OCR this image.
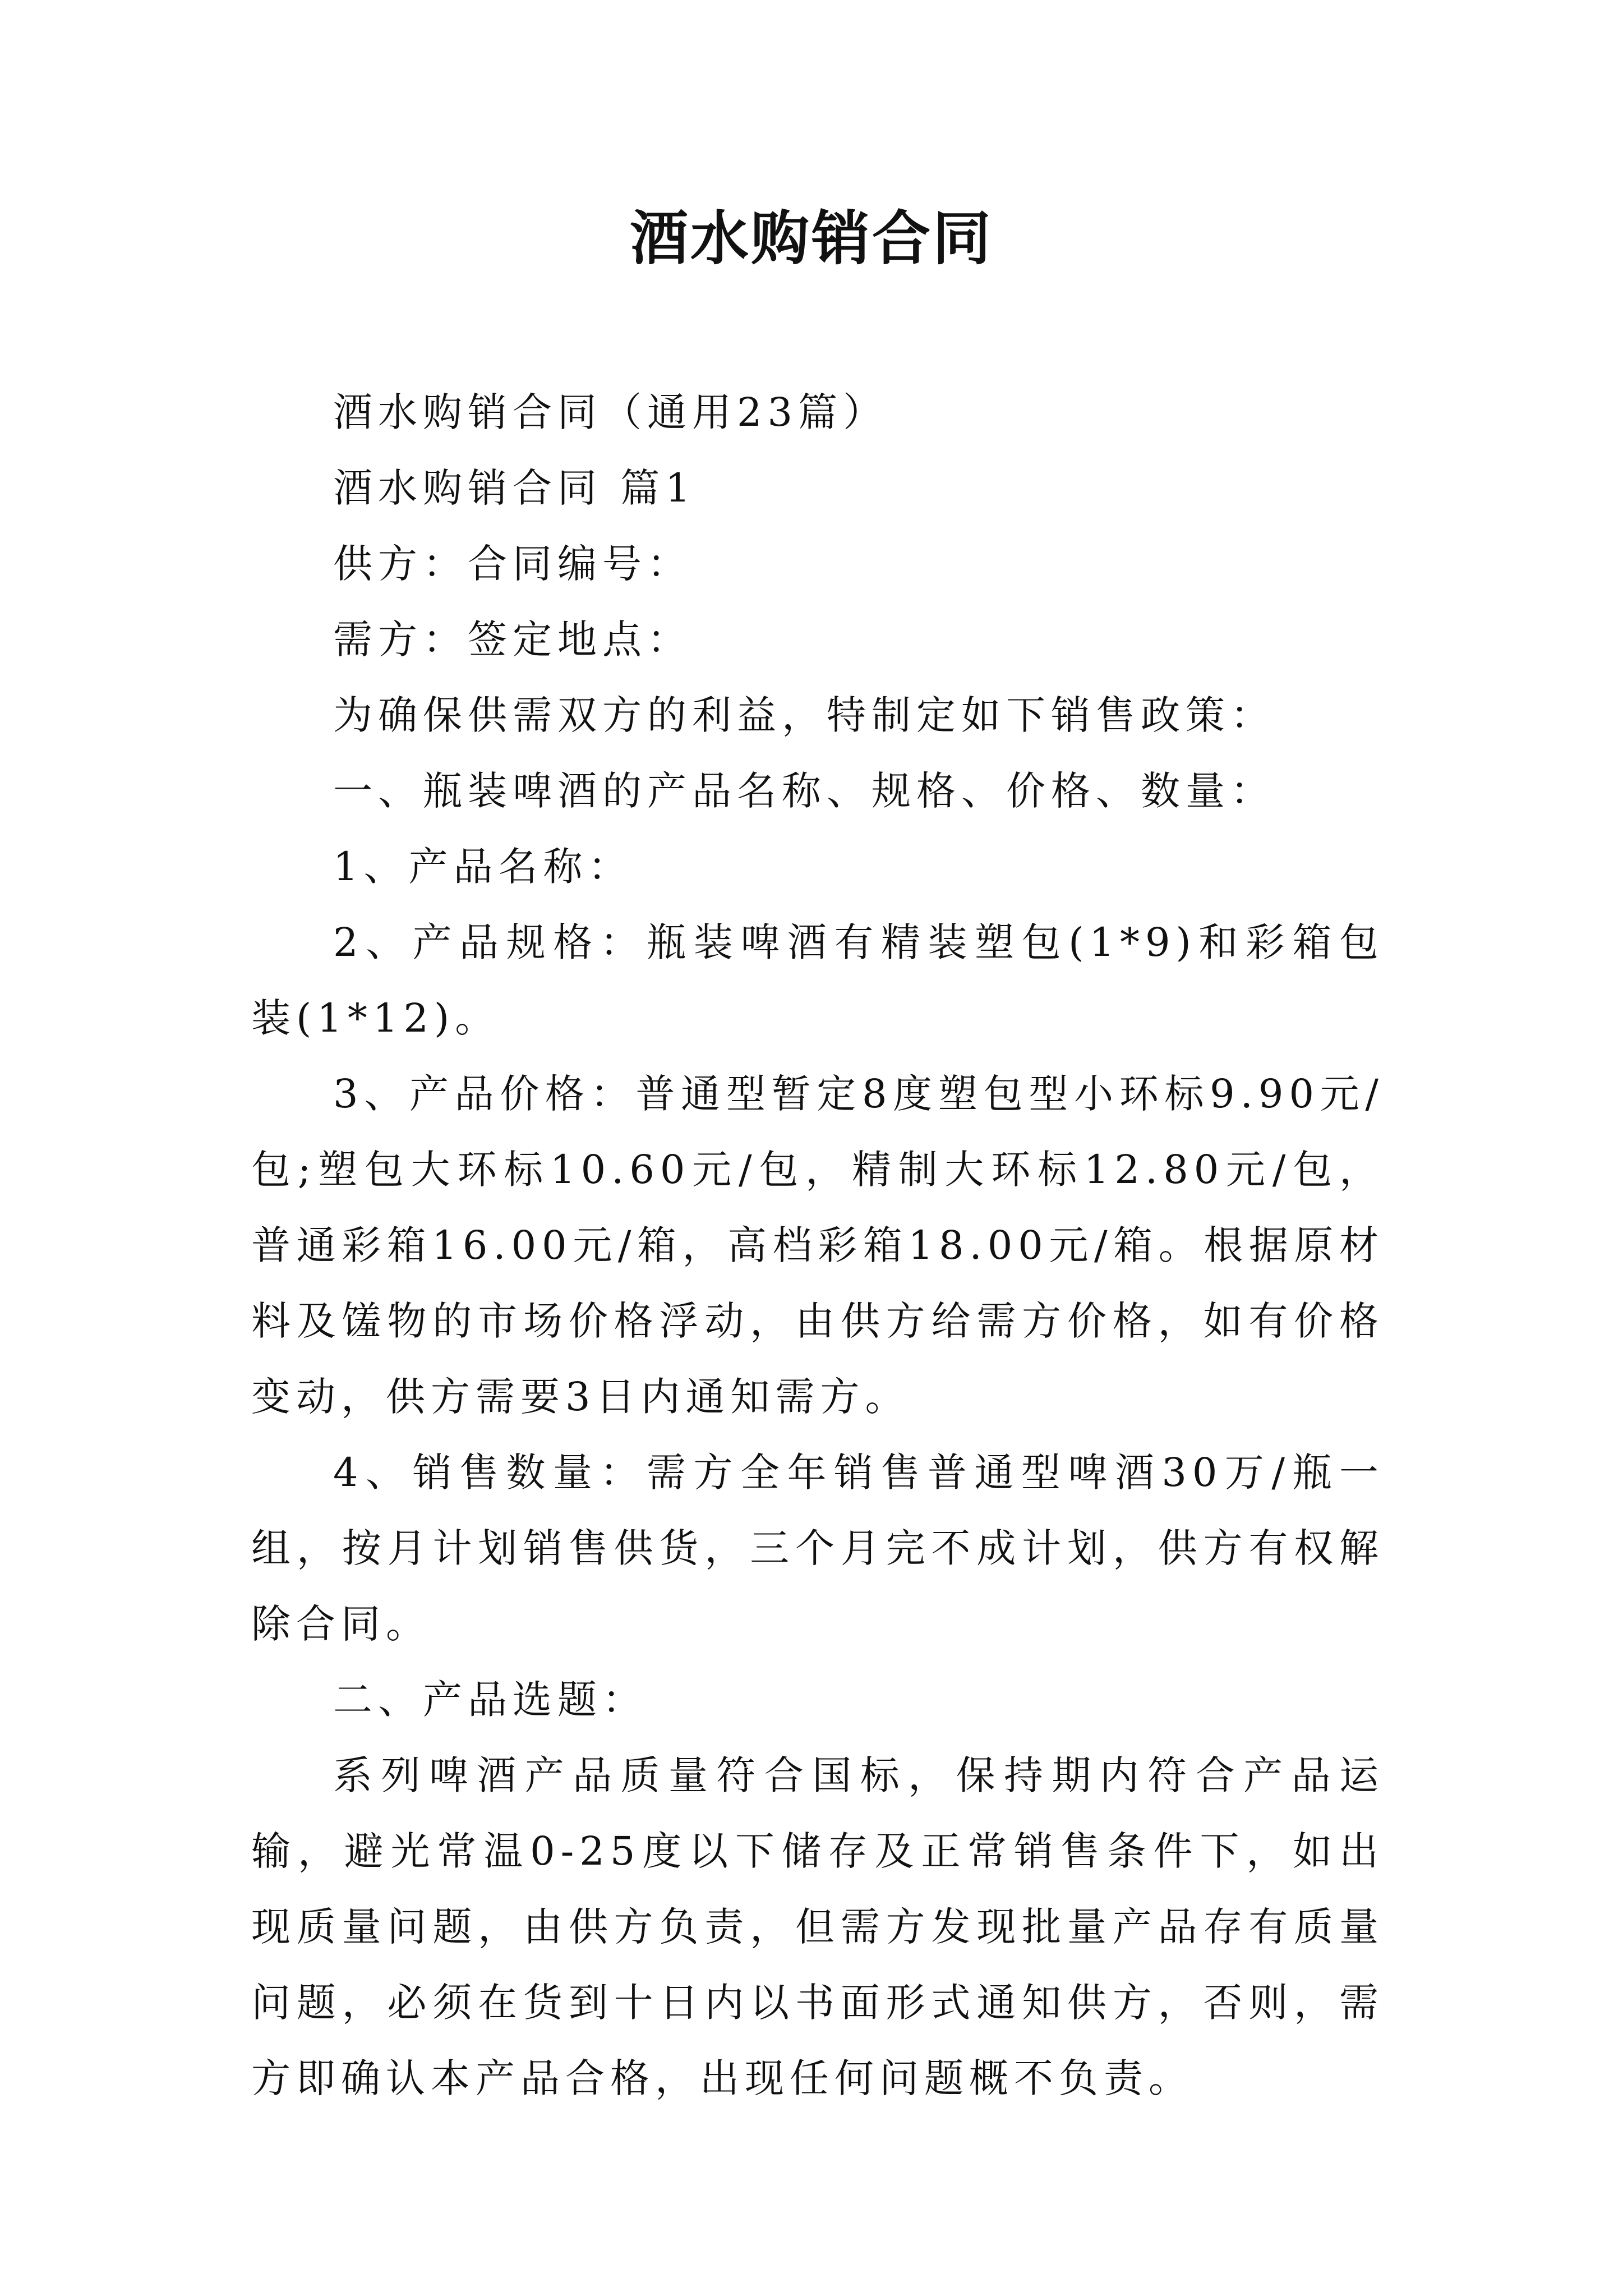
酒水购销合同

酒水购销合同（通用23篇）

酒水购销合同 篇1

供方：合同编号：

需方：签定地点：

为确保供需双方的利益，特制定如下销售政策：

一、瓶装啤酒的产品名称、规格、价格、数量：

1、产品名称：

2、产品规格：瓶装啤酒有精装塑包(1*9)和彩箱包装(1*12)。

3、产品价格：普通型暂定8度塑包型小环标9.90元/包;塑包大环标10.60元/包，精制大环标12.80元/包，普通彩箱16.00元/箱，高档彩箱18.00元/箱。根据原材料及馐物的市场价格浮动，由供方给需方价格，如有价格变动，供方需要3日内通知需方。

4、销售数量：需方全年销售普通型啤酒30万/瓶一组，按月计划销售供货，三个月完不成计划，供方有权解除合同。

二、产品选题：

系列啤酒产品质量符合国标，保持期内符合产品运输，避光常温0-25度以下储存及正常销售条件下，如出现质量问题，由供方负责，但需方发现批量产品存有质量问题，必须在货到十日内以书面形式通知供方，否则，需方即确认本产品合格，出现任何问题概不负责。
